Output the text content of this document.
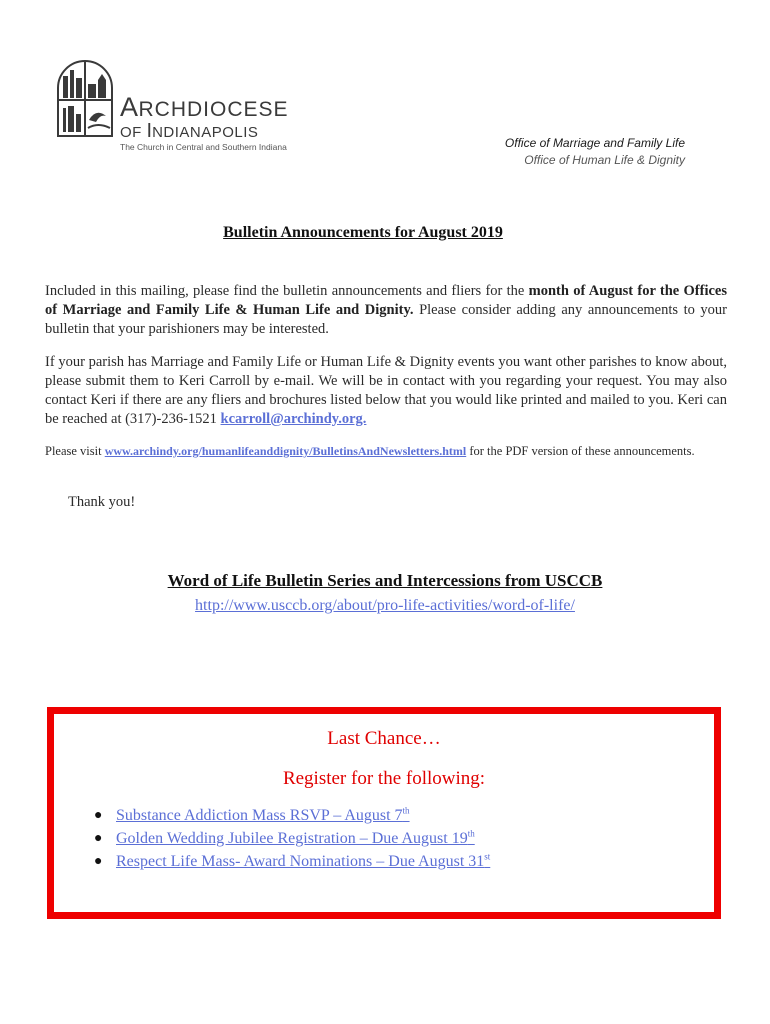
ARCHDIOCESE
OF INDIANAPOLIS
The Church in Central and Southern Indiana	Office of Marriage and Family Life
Office of Human Life & Dignity
Bulletin Announcements for August 2019
Included in this mailing, please find the bulletin announcements and fliers for the month of August for the Offices of Marriage and Family Life & Human Life and Dignity. Please consider adding any announcements to your bulletin that your parishioners may be interested.
If your parish has Marriage and Family Life or Human Life & Dignity events you want other parishes to know about, please submit them to Keri Carroll by e-mail. We will be in contact with you regarding your request. You may also contact Keri if there are any fliers and brochures listed below that you would like printed and mailed to you. Keri can be reached at (317)-236-1521 kcarroll@archindy.org.
Please visit www.archindy.org/humanlifeanddignity/BulletinsAndNewsletters.html for the PDF version of these announcements.
Thank you!
Word of Life Bulletin Series and Intercessions from USCCB
http://www.usccb.org/about/pro-life-activities/word-of-life/
Last Chance…
Register for the following:
● Substance Addiction Mass RSVP – August 7th
● Golden Wedding Jubilee Registration – Due August 19th
● Respect Life Mass- Award Nominations – Due August 31st
